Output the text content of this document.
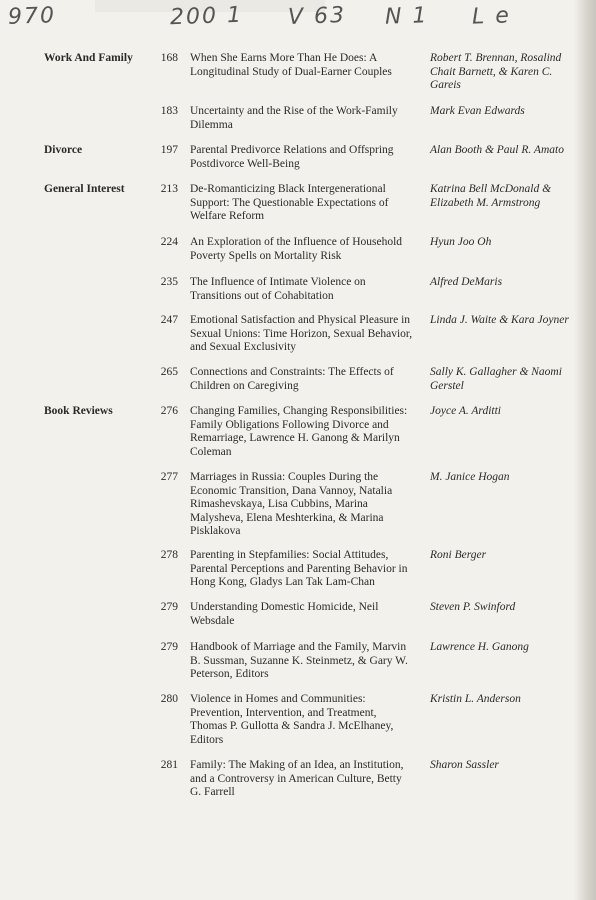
970	200 1 V 63 N 1 L e
Work And Family
Divorce
General Interest
Book Reviews
168 When She Earns More Than He Does: A Longitudinal Study of Dual-Earner Couples
Robert T. Brennan, Rosalind Chait Barnett, & Karen C. Gareis
183 Uncertainty and the Rise of the Work-Family Dilemma
Mark Evan Edwards
197 Parental Predivorce Relations and Offspring Postdivorce Well-Being
Alan Booth & Paul R. Amato
213 De-Romanticizing Black Intergenerational Support: The Questionable Expectations of Welfare Reform
Katrina Bell McDonald & Elizabeth M. Armstrong
224 An Exploration of the Influence of Household Poverty Spells on Mortality Risk
Hyun Joo Oh
235 The Influence of Intimate Violence on Transitions out of Cohabitation
Alfred DeMaris
247 Emotional Satisfaction and Physical Pleasure in Sexual Unions: Time Horizon, Sexual Behavior, and Sexual Exclusivity
Linda J. Waite & Kara Joyner
265 Connections and Constraints: The Effects of Children on Caregiving
Sally K. Gallagher & Naomi Gerstel
276 Changing Families, Changing Responsibilities: Family Obligations Following Divorce and Remarriage, Lawrence H. Ganong & Marilyn Coleman
Joyce A. Arditti
277 Marriages in Russia: Couples During the Economic Transition, Dana Vannoy, Natalia Rimashevskaya, Lisa Cubbins, Marina Malysheva, Elena Meshterkina, & Marina Pisklakova
M. Janice Hogan
278 Parenting in Stepfamilies: Social Attitudes, Parental Perceptions and Parenting Behavior in Hong Kong, Gladys Lan Tak Lam-Chan
Roni Berger
279 Understanding Domestic Homicide, Neil Websdale
Steven P. Swinford
279 Handbook of Marriage and the Family, Marvin B. Sussman, Suzanne K. Steinmetz, & Gary W. Peterson, Editors
Lawrence H. Ganong
280 Violence in Homes and Communities: Prevention, Intervention, and Treatment, Thomas P. Gullotta & Sandra J. McElhaney, Editors
Kristin L. Anderson
281 Family: The Making of an Idea, an Institution, and a Controversy in American Culture, Betty G. Farrell
Sharon Sassler
